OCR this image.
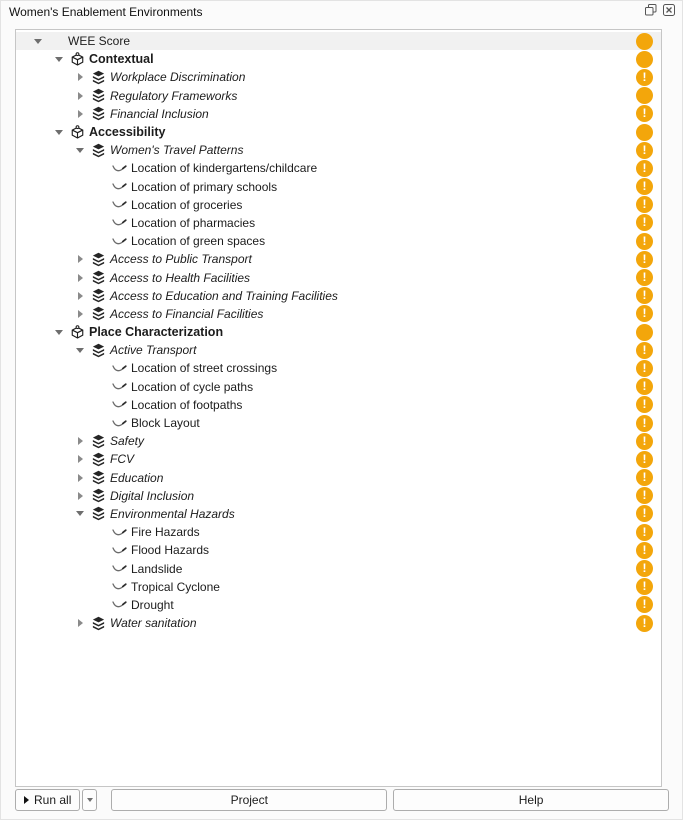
Women's Enablement Environments
WEE Score
Contextual
Workplace Discrimination	!
Regulatory Frameworks
Financial Inclusion	!
Accessibility
Women's Travel Patterns	!
Location of kindergartens/childcare	!
Location of primary schools	!
Location of groceries	!
Location of pharmacies	!
Location of green spaces	!
Access to Public Transport	!
Access to Health Facilities	!
Access to Education and Training Facilities	!
Access to Financial Facilities	!
Place Characterization
Active Transport	!
Location of street crossings	!
Location of cycle paths	!
Location of footpaths	!
Block Layout	!
Safety	!
FCV	!
Education	!
Digital Inclusion	!
Environmental Hazards	!
Fire Hazards	!
Flood Hazards	!
Landslide	!
Tropical Cyclone	!
Drought	!
Water sanitation	!
Run all	Project	Help
